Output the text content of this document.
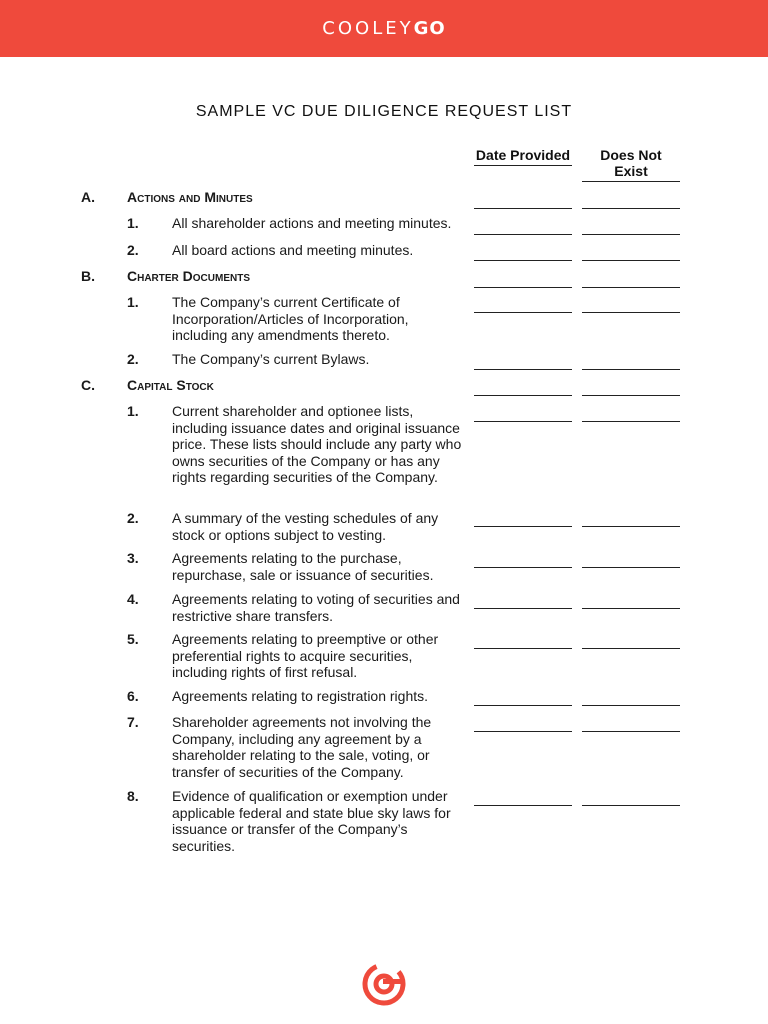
COOLEY GO
SAMPLE VC DUE DILIGENCE REQUEST LIST
Date Provided	Does Not Exist
A. Actions and Minutes
1. All shareholder actions and meeting minutes.
2. All board actions and meeting minutes.
B. Charter Documents
1. The Company’s current Certificate of Incorporation/Articles of Incorporation, including any amendments thereto.
2. The Company’s current Bylaws.
C. Capital Stock
1. Current shareholder and optionee lists, including issuance dates and original issuance price. These lists should include any party who owns securities of the Company or has any rights regarding securities of the Company.
2. A summary of the vesting schedules of any stock or options subject to vesting.
3. Agreements relating to the purchase, repurchase, sale or issuance of securities.
4. Agreements relating to voting of securities and restrictive share transfers.
5. Agreements relating to preemptive or other preferential rights to acquire securities, including rights of first refusal.
6. Agreements relating to registration rights.
7. Shareholder agreements not involving the Company, including any agreement by a shareholder relating to the sale, voting, or transfer of securities of the Company.
8. Evidence of qualification or exemption under applicable federal and state blue sky laws for issuance or transfer of the Company’s securities.
